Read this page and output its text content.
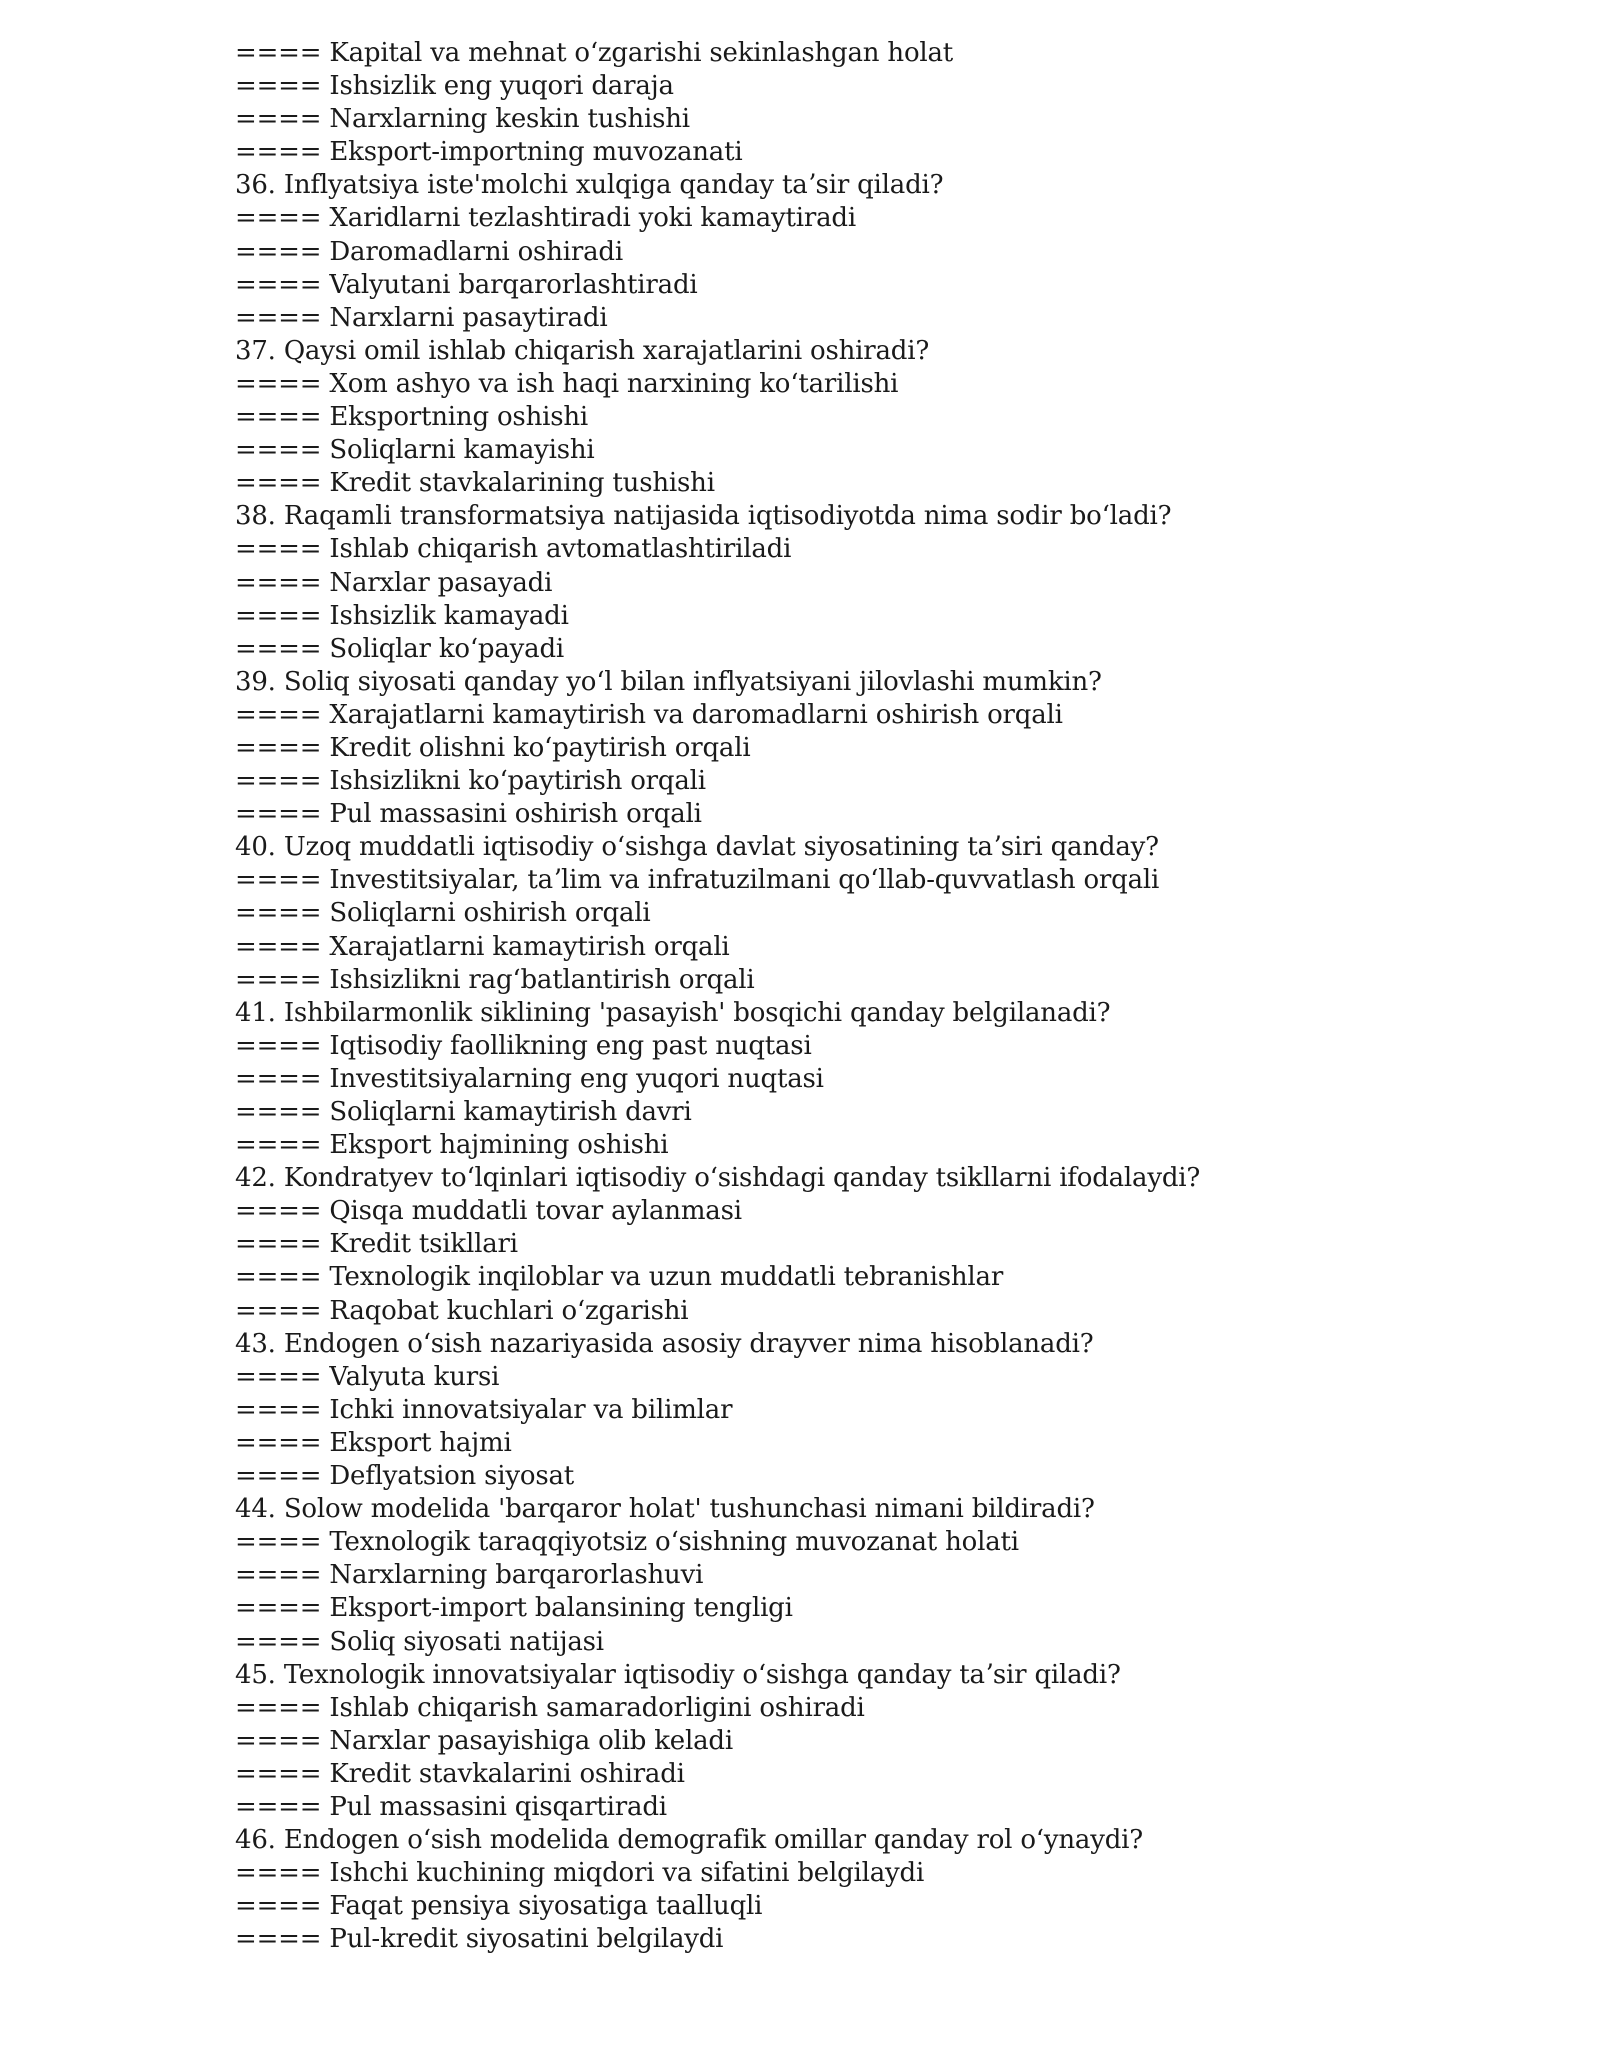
==== Kapital va mehnat oʻzgarishi sekinlashgan holat
==== Ishsizlik eng yuqori daraja
==== Narxlarning keskin tushishi
==== Eksport-importning muvozanati
36. Inflyatsiya iste'molchi xulqiga qanday taʼsir qiladi?
==== Xaridlarni tezlashtiradi yoki kamaytiradi
==== Daromadlarni oshiradi
==== Valyutani barqarorlashtiradi
==== Narxlarni pasaytiradi
37. Qaysi omil ishlab chiqarish xarajatlarini oshiradi?
==== Xom ashyo va ish haqi narxining koʻtarilishi
==== Eksportning oshishi
==== Soliqlarni kamayishi
==== Kredit stavkalarining tushishi
38. Raqamli transformatsiya natijasida iqtisodiyotda nima sodir boʻladi?
==== Ishlab chiqarish avtomatlashtiriladi
==== Narxlar pasayadi
==== Ishsizlik kamayadi
==== Soliqlar koʻpayadi
39. Soliq siyosati qanday yoʻl bilan inflyatsiyani jilovlashi mumkin?
==== Xarajatlarni kamaytirish va daromadlarni oshirish orqali
==== Kredit olishni koʻpaytirish orqali
==== Ishsizlikni koʻpaytirish orqali
==== Pul massasini oshirish orqali
40. Uzoq muddatli iqtisodiy oʻsishga davlat siyosatining taʼsiri qanday?
==== Investitsiyalar, taʼlim va infratuzilmani qoʻllab-quvvatlash orqali
==== Soliqlarni oshirish orqali
==== Xarajatlarni kamaytirish orqali
==== Ishsizlikni ragʻbatlantirish orqali
41. Ishbilarmonlik siklining 'pasayish' bosqichi qanday belgilanadi?
==== Iqtisodiy faollikning eng past nuqtasi
==== Investitsiyalarning eng yuqori nuqtasi
==== Soliqlarni kamaytirish davri
==== Eksport hajmining oshishi
42. Kondratyev toʻlqinlari iqtisodiy oʻsishdagi qanday tsikllarni ifodalaydi?
==== Qisqa muddatli tovar aylanmasi
==== Kredit tsikllari
==== Texnologik inqiloblar va uzun muddatli tebranishlar
==== Raqobat kuchlari oʻzgarishi
43. Endogen oʻsish nazariyasida asosiy drayver nima hisoblanadi?
==== Valyuta kursi
==== Ichki innovatsiyalar va bilimlar
==== Eksport hajmi
==== Deflyatsion siyosat
44. Solow modelida 'barqaror holat' tushunchasi nimani bildiradi?
==== Texnologik taraqqiyotsiz oʻsishning muvozanat holati
==== Narxlarning barqarorlashuvi
==== Eksport-import balansining tengligi
==== Soliq siyosati natijasi
45. Texnologik innovatsiyalar iqtisodiy oʻsishga qanday taʼsir qiladi?
==== Ishlab chiqarish samaradorligini oshiradi
==== Narxlar pasayishiga olib keladi
==== Kredit stavkalarini oshiradi
==== Pul massasini qisqartiradi
46. Endogen oʻsish modelida demografik omillar qanday rol oʻynaydi?
==== Ishchi kuchining miqdori va sifatini belgilaydi
==== Faqat pensiya siyosatiga taalluqli
==== Pul-kredit siyosatini belgilaydi
